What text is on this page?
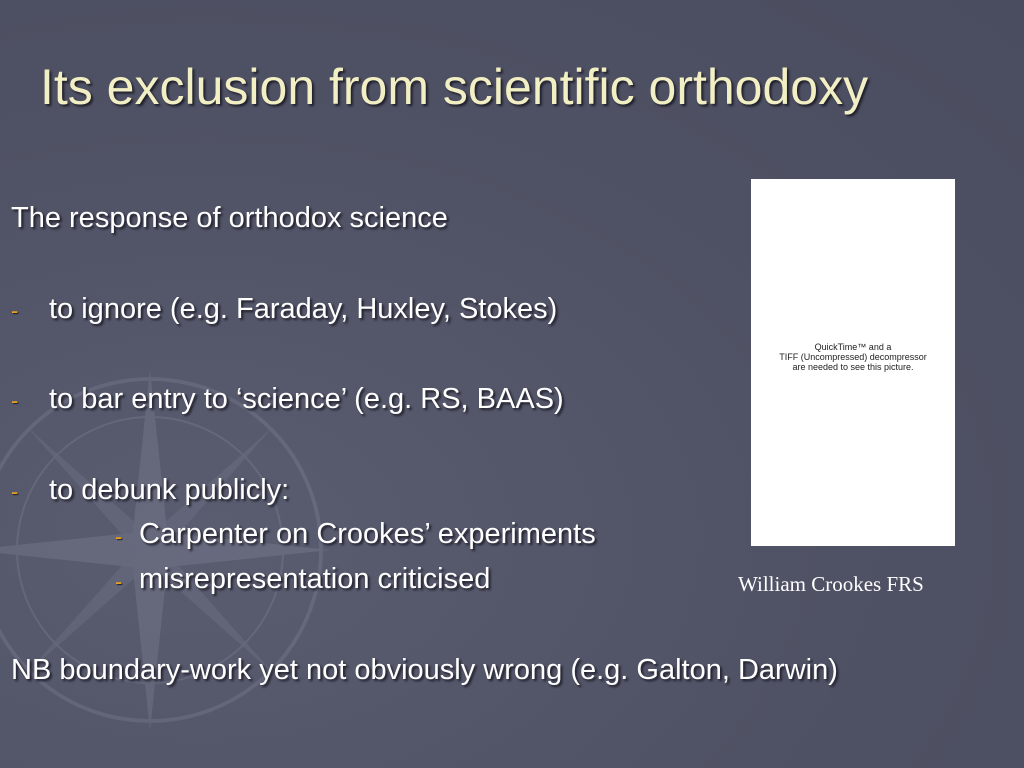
Its exclusion from scientific orthodoxy
The response of orthodox science
- to ignore (e.g. Faraday, Huxley, Stokes)
- to bar entry to ‘science’ (e.g. RS, BAAS)
- to debunk publicly:
- Carpenter on Crookes’ experiments
- misrepresentation criticised
NB boundary-work yet not obviously wrong (e.g. Galton, Darwin)
QuickTime™ and a
TIFF (Uncompressed) decompressor
are needed to see this picture.
William Crookes FRS
